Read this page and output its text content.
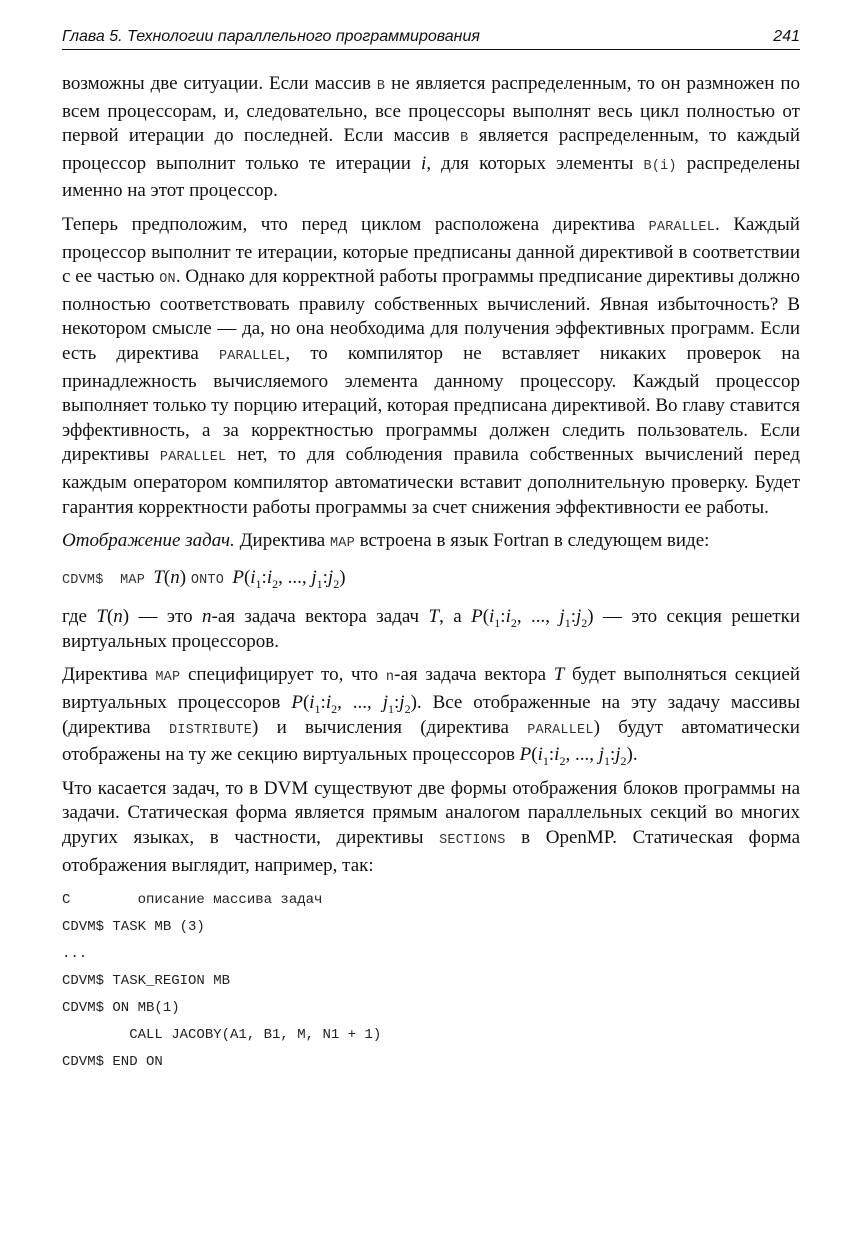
Глава 5. Технологии параллельного программирования	241

возможны две ситуации. Если массив B не является распределенным, то он размножен по всем процессорам, и, следовательно, все процессоры выполнят весь цикл полностью от первой итерации до последней. Если массив B является распределенным, то каждый процессор выполнит только те итерации i, для которых элементы B(i) распределены именно на этот процессор.

Теперь предположим, что перед циклом расположена директива PARALLEL. Каждый процессор выполнит те итерации, которые предписаны данной директивой в соответствии с ее частью ON. Однако для корректной работы программы предписание директивы должно полностью соответствовать правилу собственных вычислений. Явная избыточность? В некотором смысле — да, но она необходима для получения эффективных программ. Если есть директива PARALLEL, то компилятор не вставляет никаких проверок на принадлежность вычисляемого элемента данному процессору. Каждый процессор выполняет только ту порцию итераций, которая предписана директивой. Во главу ставится эффективность, а за корректностью программы должен следить пользователь. Если директивы PARALLEL нет, то для соблюдения правила собственных вычислений перед каждым оператором компилятор автоматически вставит дополнительную проверку. Будет гарантия корректности работы программы за счет снижения эффективности ее работы.

Отображение задач. Директива MAP встроена в язык Fortran в следующем виде:

CDVM$  MAP T(n) ONTO $P(i_1:i_2$, ..., $j_1:j_2$)

где T(n) — это n-ая задача вектора задач T, а $P(i_1:i_2$, ..., $j_1:j_2$) — это секция решетки виртуальных процессоров.

Директива MAP специфицирует то, что n-ая задача вектора T будет выполняться секцией виртуальных процессоров $P(i_1:i_2$, ..., $j_1:j_2$). Все отображенные на эту задачу массивы (директива DISTRIBUTE) и вычисления (директива PARALLEL) будут автоматически отображены на ту же секцию виртуальных процессоров $P(i_1:i_2$, ..., $j_1:j_2$).

Что касается задач, то в DVM существуют две формы отображения блоков программы на задачи. Статическая форма является прямым аналогом параллельных секций во многих других языках, в частности, директивы SECTIONS в OpenMP. Статическая форма отображения выглядит, например, так:

C        описание массива задач
CDVM$ TASK MB (3)
...
CDVM$ TASK_REGION MB
CDVM$ ON MB(1)
CALL JACOBY(A1, B1, M, N1 + 1)
CDVM$ END ON
